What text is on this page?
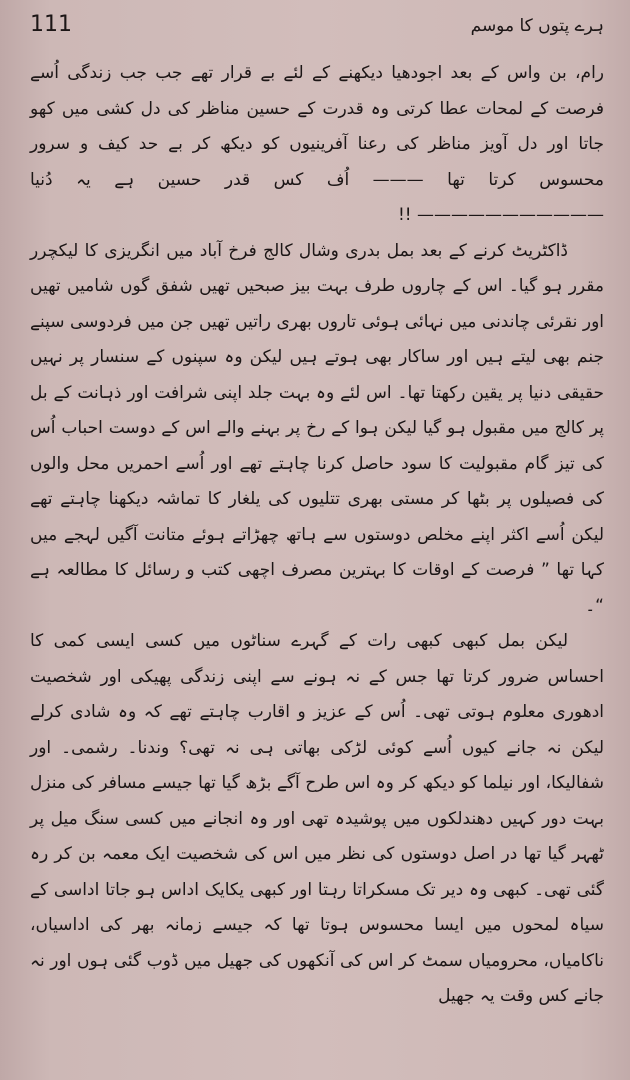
111	ہرے پتوں کا موسم

رام، بن واس کے بعد اجودھیا دیکھنے کے لئے بے قرار تھے جب جب زندگی اُسے فرصت کے لمحات عطا کرتی وہ قدرت کے حسین مناظر کی دل کشی میں کھو جاتا اور دل آویز مناظر کی رعنا آفرینیوں کو دیکھ کر بے حد کیف و سرور محسوس کرتا تھا ——— اُف کس قدر حسین ہے یہ دُنیا ——————————— !!

ڈاکٹریٹ کرنے کے بعد بمل بدری وشال کالج فرخ آباد میں انگریزی کا لیکچرر مقرر ہو گیا۔ اس کے چاروں طرف بہت بیز صبحیں تھیں شفق گوں شامیں تھیں اور نقرئی چاندنی میں نہائی ہوئی تاروں بھری راتیں تھیں جن میں فردوسی سپنے جنم بھی لیتے ہیں اور ساکار بھی ہوتے ہیں لیکن وہ سپنوں کے سنسار پر نہیں حقیقی دنیا پر یقین رکھتا تھا۔ اس لئے وہ بہت جلد اپنی شرافت اور ذہانت کے بل پر کالج میں مقبول ہو گیا لیکن ہوا کے رخ پر بہنے والے اس کے دوست احباب اُس کی تیز گام مقبولیت کا سود حاصل کرنا چاہتے تھے اور اُسے احمریں محل والوں کی فصیلوں پر بٹھا کر مستی بھری تتلیوں کی یلغار کا تماشہ دیکھنا چاہتے تھے لیکن اُسے اکثر اپنے مخلص دوستوں سے ہاتھ چھڑاتے ہوئے متانت آگیں لہجے میں کہا تھا ” فرصت کے اوقات کا بہترین مصرف اچھی کتب و رسائل کا مطالعہ ہے “۔

لیکن بمل کبھی کبھی رات کے گہرے سناٹوں میں کسی ایسی کمی کا احساس ضرور کرتا تھا جس کے نہ ہونے سے اپنی زندگی پھیکی اور شخصیت ادھوری معلوم ہوتی تھی۔ اُس کے عزیز و اقارب چاہتے تھے کہ وہ شادی کرلے لیکن نہ جانے کیوں اُسے کوئی لڑکی بھاتی ہی نہ تھی؟ وندنا۔ رشمی۔ اور شفالیکا، اور نیلما کو دیکھ کر وہ اس طرح آگے بڑھ گیا تھا جیسے مسافر کی منزل بہت دور کہیں دھندلکوں میں پوشیدہ تھی اور وہ انجانے میں کسی سنگ میل پر ٹھہر گیا تھا در اصل دوستوں کی نظر میں اس کی شخصیت ایک معمہ بن کر رہ گئی تھی۔ کبھی وہ دیر تک مسکراتا رہتا اور کبھی یکایک اداس ہو جاتا اداسی کے سیاہ لمحوں میں ایسا محسوس ہوتا تھا کہ جیسے زمانہ بھر کی اداسیاں، ناکامیاں، محرومیاں سمٹ کر اس کی آنکھوں کی جھیل میں ڈوب گئی ہوں اور نہ جانے کس وقت یہ جھیل
